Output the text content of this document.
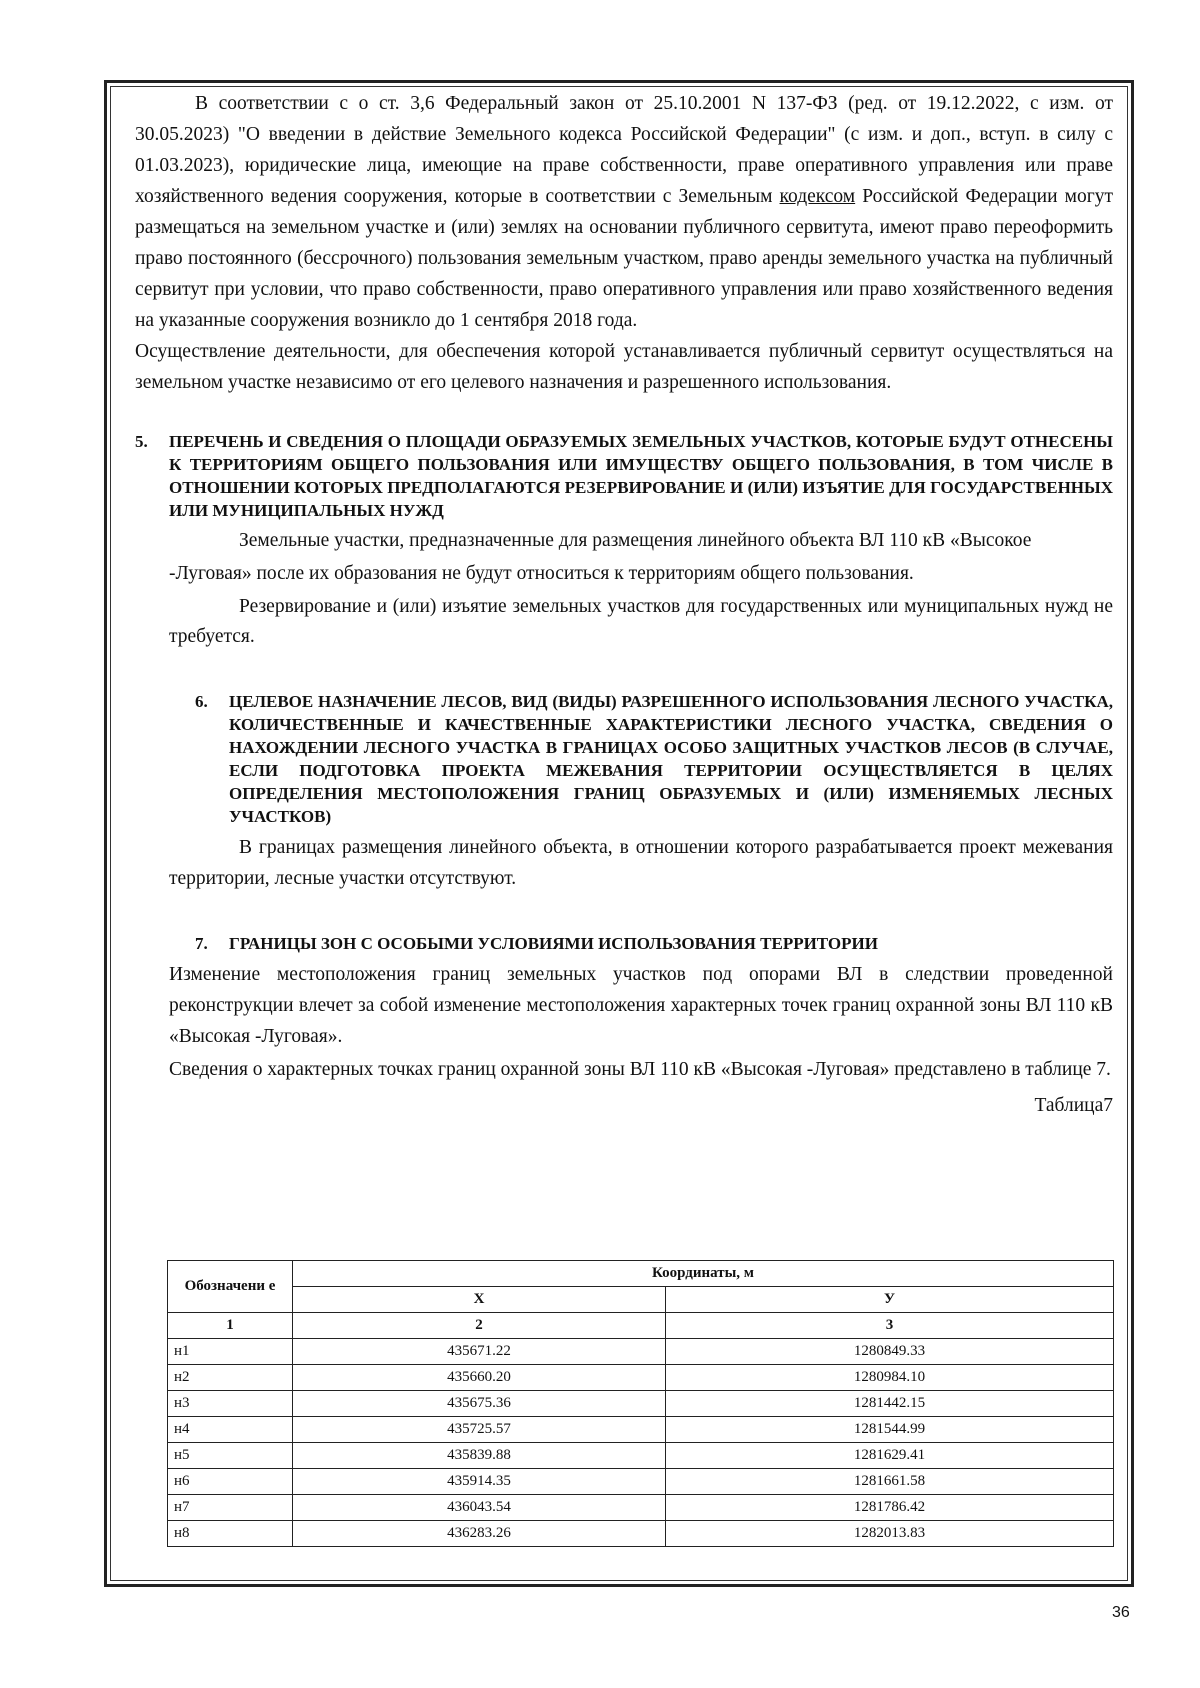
В соответствии с о ст. 3,6 Федеральный закон от 25.10.2001 N 137-ФЗ (ред. от 19.12.2022, с изм. от 30.05.2023) "О введении в действие Земельного кодекса Российской Федерации" (с изм. и доп., вступ. в силу с 01.03.2023), юридические лица, имеющие на праве собственности, праве оперативного управления или праве хозяйственного ведения сооружения, которые в соответствии с Земельным кодексом Российской Федерации могут размещаться на земельном участке и (или) землях на основании публичного сервитута, имеют право переоформить право постоянного (бессрочного) пользования земельным участком, право аренды земельного участка на публичный сервитут при условии, что право собственности, право оперативного управления или право хозяйственного ведения на указанные сооружения возникло до 1 сентября 2018 года.

Осуществление деятельности, для обеспечения которой устанавливается публичный сервитут осуществляться на земельном участке независимо от его целевого назначения и разрешенного использования.

5. ПЕРЕЧЕНЬ И СВЕДЕНИЯ О ПЛОЩАДИ ОБРАЗУЕМЫХ ЗЕМЕЛЬНЫХ УЧАСТКОВ, КОТОРЫЕ БУДУТ ОТНЕСЕНЫ К ТЕРРИТОРИЯМ ОБЩЕГО ПОЛЬЗОВАНИЯ ИЛИ ИМУЩЕСТВУ ОБЩЕГО ПОЛЬЗОВАНИЯ, В ТОМ ЧИСЛЕ В ОТНОШЕНИИ КОТОРЫХ ПРЕДПОЛАГАЮТСЯ РЕЗЕРВИРОВАНИЕ И (ИЛИ) ИЗЪЯТИЕ ДЛЯ ГОСУДАРСТВЕННЫХ ИЛИ МУНИЦИПАЛЬНЫХ НУЖД

Земельные участки, предназначенные для размещения линейного объекта ВЛ 110 кВ «Высокое -Луговая» после их образования не будут относиться к территориям общего пользования.

Резервирование и (или) изъятие земельных участков для государственных или муниципальных нужд не требуется.

6. ЦЕЛЕВОЕ НАЗНАЧЕНИЕ ЛЕСОВ, ВИД (ВИДЫ) РАЗРЕШЕННОГО ИСПОЛЬЗОВАНИЯ ЛЕСНОГО УЧАСТКА, КОЛИЧЕСТВЕННЫЕ И КАЧЕСТВЕННЫЕ ХАРАКТЕРИСТИКИ ЛЕСНОГО УЧАСТКА, СВЕДЕНИЯ О НАХОЖДЕНИИ ЛЕСНОГО УЧАСТКА В ГРАНИЦАХ ОСОБО ЗАЩИТНЫХ УЧАСТКОВ ЛЕСОВ (В СЛУЧАЕ, ЕСЛИ ПОДГОТОВКА ПРОЕКТА МЕЖЕВАНИЯ ТЕРРИТОРИИ ОСУЩЕСТВЛЯЕТСЯ В ЦЕЛЯХ ОПРЕДЕЛЕНИЯ МЕСТОПОЛОЖЕНИЯ ГРАНИЦ ОБРАЗУЕМЫХ И (ИЛИ) ИЗМЕНЯЕМЫХ ЛЕСНЫХ УЧАСТКОВ)

В границах размещения линейного объекта, в отношении которого разрабатывается проект межевания территории, лесные участки отсутствуют.

7. ГРАНИЦЫ ЗОН С ОСОБЫМИ УСЛОВИЯМИ ИСПОЛЬЗОВАНИЯ ТЕРРИТОРИИ

Изменение местоположения границ земельных участков под опорами ВЛ в следствии проведенной реконструкции влечет за собой изменение местоположения характерных точек границ охранной зоны ВЛ 110 кВ «Высокая -Луговая».

Сведения о характерных точках границ охранной зоны ВЛ 110 кВ «Высокая -Луговая» представлено в таблице 7.

Таблица7
Обозначени е	Координаты, м	
	Х	У
1	2	3
н1	435671.22	1280849.33
н2	435660.20	1280984.10
н3	435675.36	1281442.15
н4	435725.57	1281544.99
н5	435839.88	1281629.41
н6	435914.35	1281661.58
н7	436043.54	1281786.42
н8	436283.26	1282013.83
36
